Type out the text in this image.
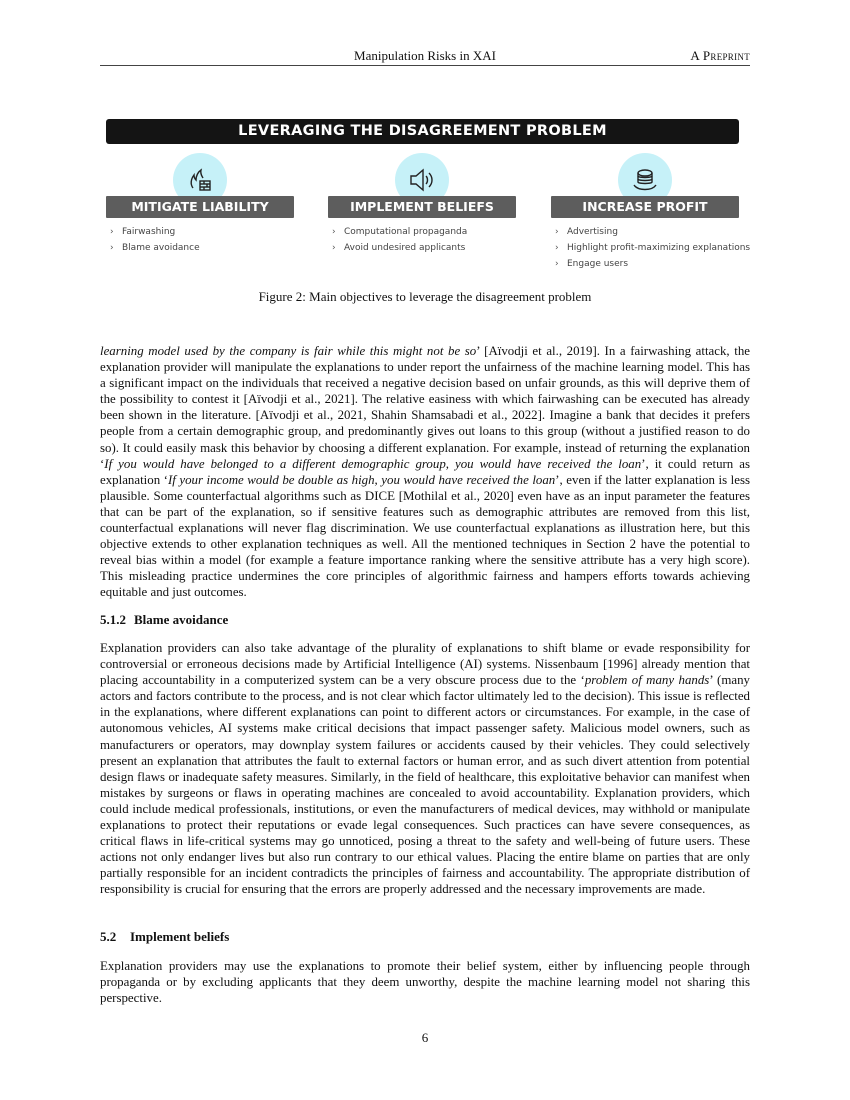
Manipulation Risks in XAI	A Preprint
LEVERAGING THE DISAGREEMENT PROBLEM
MITIGATE LIABILITY
› Fairwashing
› Blame avoidance
IMPLEMENT BELIEFS
› Computational propaganda
› Avoid undesired applicants
INCREASE PROFIT
› Advertising
› Highlight profit-maximizing explanations
› Engage users
Figure 2: Main objectives to leverage the disagreement problem
learning model used by the company is fair while this might not be so’ [Aïvodji et al., 2019]. In a fairwashing attack, the explanation provider will manipulate the explanations to under report the unfairness of the machine learning model. This has a significant impact on the individuals that received a negative decision based on unfair grounds, as this will deprive them of the possibility to contest it [Aïvodji et al., 2021]. The relative easiness with which fairwashing can be executed has already been shown in the literature. [Aïvodji et al., 2021, Shahin Shamsabadi et al., 2022]. Imagine a bank that decides it prefers people from a certain demographic group, and predominantly gives out loans to this group (without a justified reason to do so). It could easily mask this behavior by choosing a different explanation. For example, instead of returning the explanation ‘If you would have belonged to a different demographic group, you would have received the loan’, it could return as explanation ‘If your income would be double as high, you would have received the loan’, even if the latter explanation is less plausible. Some counterfactual algorithms such as DICE [Mothilal et al., 2020] even have as an input parameter the features that can be part of the explanation, so if sensitive features such as demographic attributes are removed from this list, counterfactual explanations will never flag discrimination. We use counterfactual explanations as illustration here, but this objective extends to other explanation techniques as well. All the mentioned techniques in Section 2 have the potential to reveal bias within a model (for example a feature importance ranking where the sensitive attribute has a very high score). This misleading practice undermines the core principles of algorithmic fairness and hampers efforts towards achieving equitable and just outcomes.
5.1.2 Blame avoidance
Explanation providers can also take advantage of the plurality of explanations to shift blame or evade responsibility for controversial or erroneous decisions made by Artificial Intelligence (AI) systems. Nissenbaum [1996] already mention that placing accountability in a computerized system can be a very obscure process due to the ‘problem of many hands’ (many actors and factors contribute to the process, and is not clear which factor ultimately led to the decision). This issue is reflected in the explanations, where different explanations can point to different actors or circumstances. For example, in the case of autonomous vehicles, AI systems make critical decisions that impact passenger safety. Malicious model owners, such as manufacturers or operators, may downplay system failures or accidents caused by their vehicles. They could selectively present an explanation that attributes the fault to external factors or human error, and as such divert attention from potential design flaws or inadequate safety measures. Similarly, in the field of healthcare, this exploitative behavior can manifest when mistakes by surgeons or flaws in operating machines are concealed to avoid accountability. Explanation providers, which could include medical professionals, institutions, or even the manufacturers of medical devices, may withhold or manipulate explanations to protect their reputations or evade legal consequences. Such practices can have severe consequences, as critical flaws in life-critical systems may go unnoticed, posing a threat to the safety and well-being of future users. These actions not only endanger lives but also run contrary to our ethical values. Placing the entire blame on parties that are only partially responsible for an incident contradicts the principles of fairness and accountability. The appropriate distribution of responsibility is crucial for ensuring that the errors are properly addressed and the necessary improvements are made.
5.2 Implement beliefs
Explanation providers may use the explanations to promote their belief system, either by influencing people through propaganda or by excluding applicants that they deem unworthy, despite the machine learning model not sharing this perspective.
6
